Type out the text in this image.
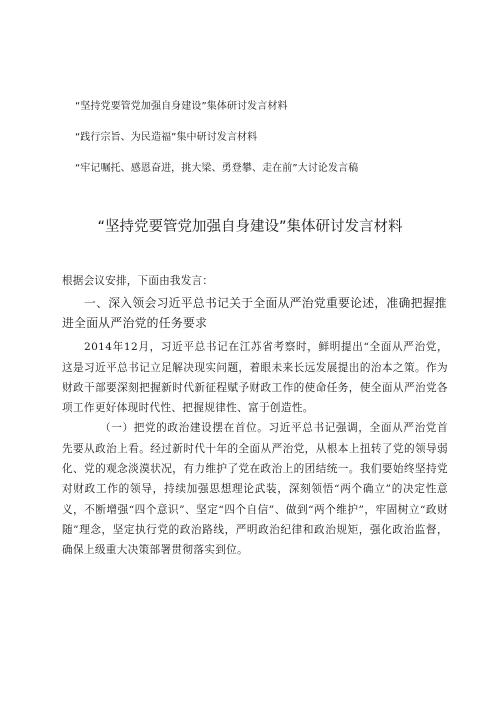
“坚持党要管党加强自身建设”集体研讨发言材料
“践行宗旨、为民造福”集中研讨发言材料
“牢记嘱托、感恩奋进，挑大梁、勇登攀、走在前”大讨论发言稿
“坚持党要管党加强自身建设”集体研讨发言材料

根据会议安排，下面由我发言：

一、深入领会习近平总书记关于全面从严治党重要论述，准确把握推进全面从严治党的任务要求

2014年12月，习近平总书记在江苏省考察时，鲜明提出“全面从严治党，这是习近平总书记立足解决现实问题，着眼未来长远发展提出的治本之策。作为财政干部要深刻把握新时代新征程赋予财政工作的使命任务，使全面从严治党各项工作更好体现时代性、把握规律性、富于创造性。

（一）把党的政治建设摆在首位。习近平总书记强调，全面从严治党首先要从政治上看。经过新时代十年的全面从严治党，从根本上扭转了党的领导弱化、党的观念淡漠状况，有力维护了党在政治上的团结统一。我们要始终坚持党对财政工作的领导，持续加强思想理论武装，深刻领悟“两个确立”的决定性意义，不断增强“四个意识”、坚定“四个自信”、做到“两个维护”，牢固树立“政财随”理念，坚定执行党的政治路线，严明政治纪律和政治规矩，强化政治监督，确保上级重大决策部署贯彻落实到位。
